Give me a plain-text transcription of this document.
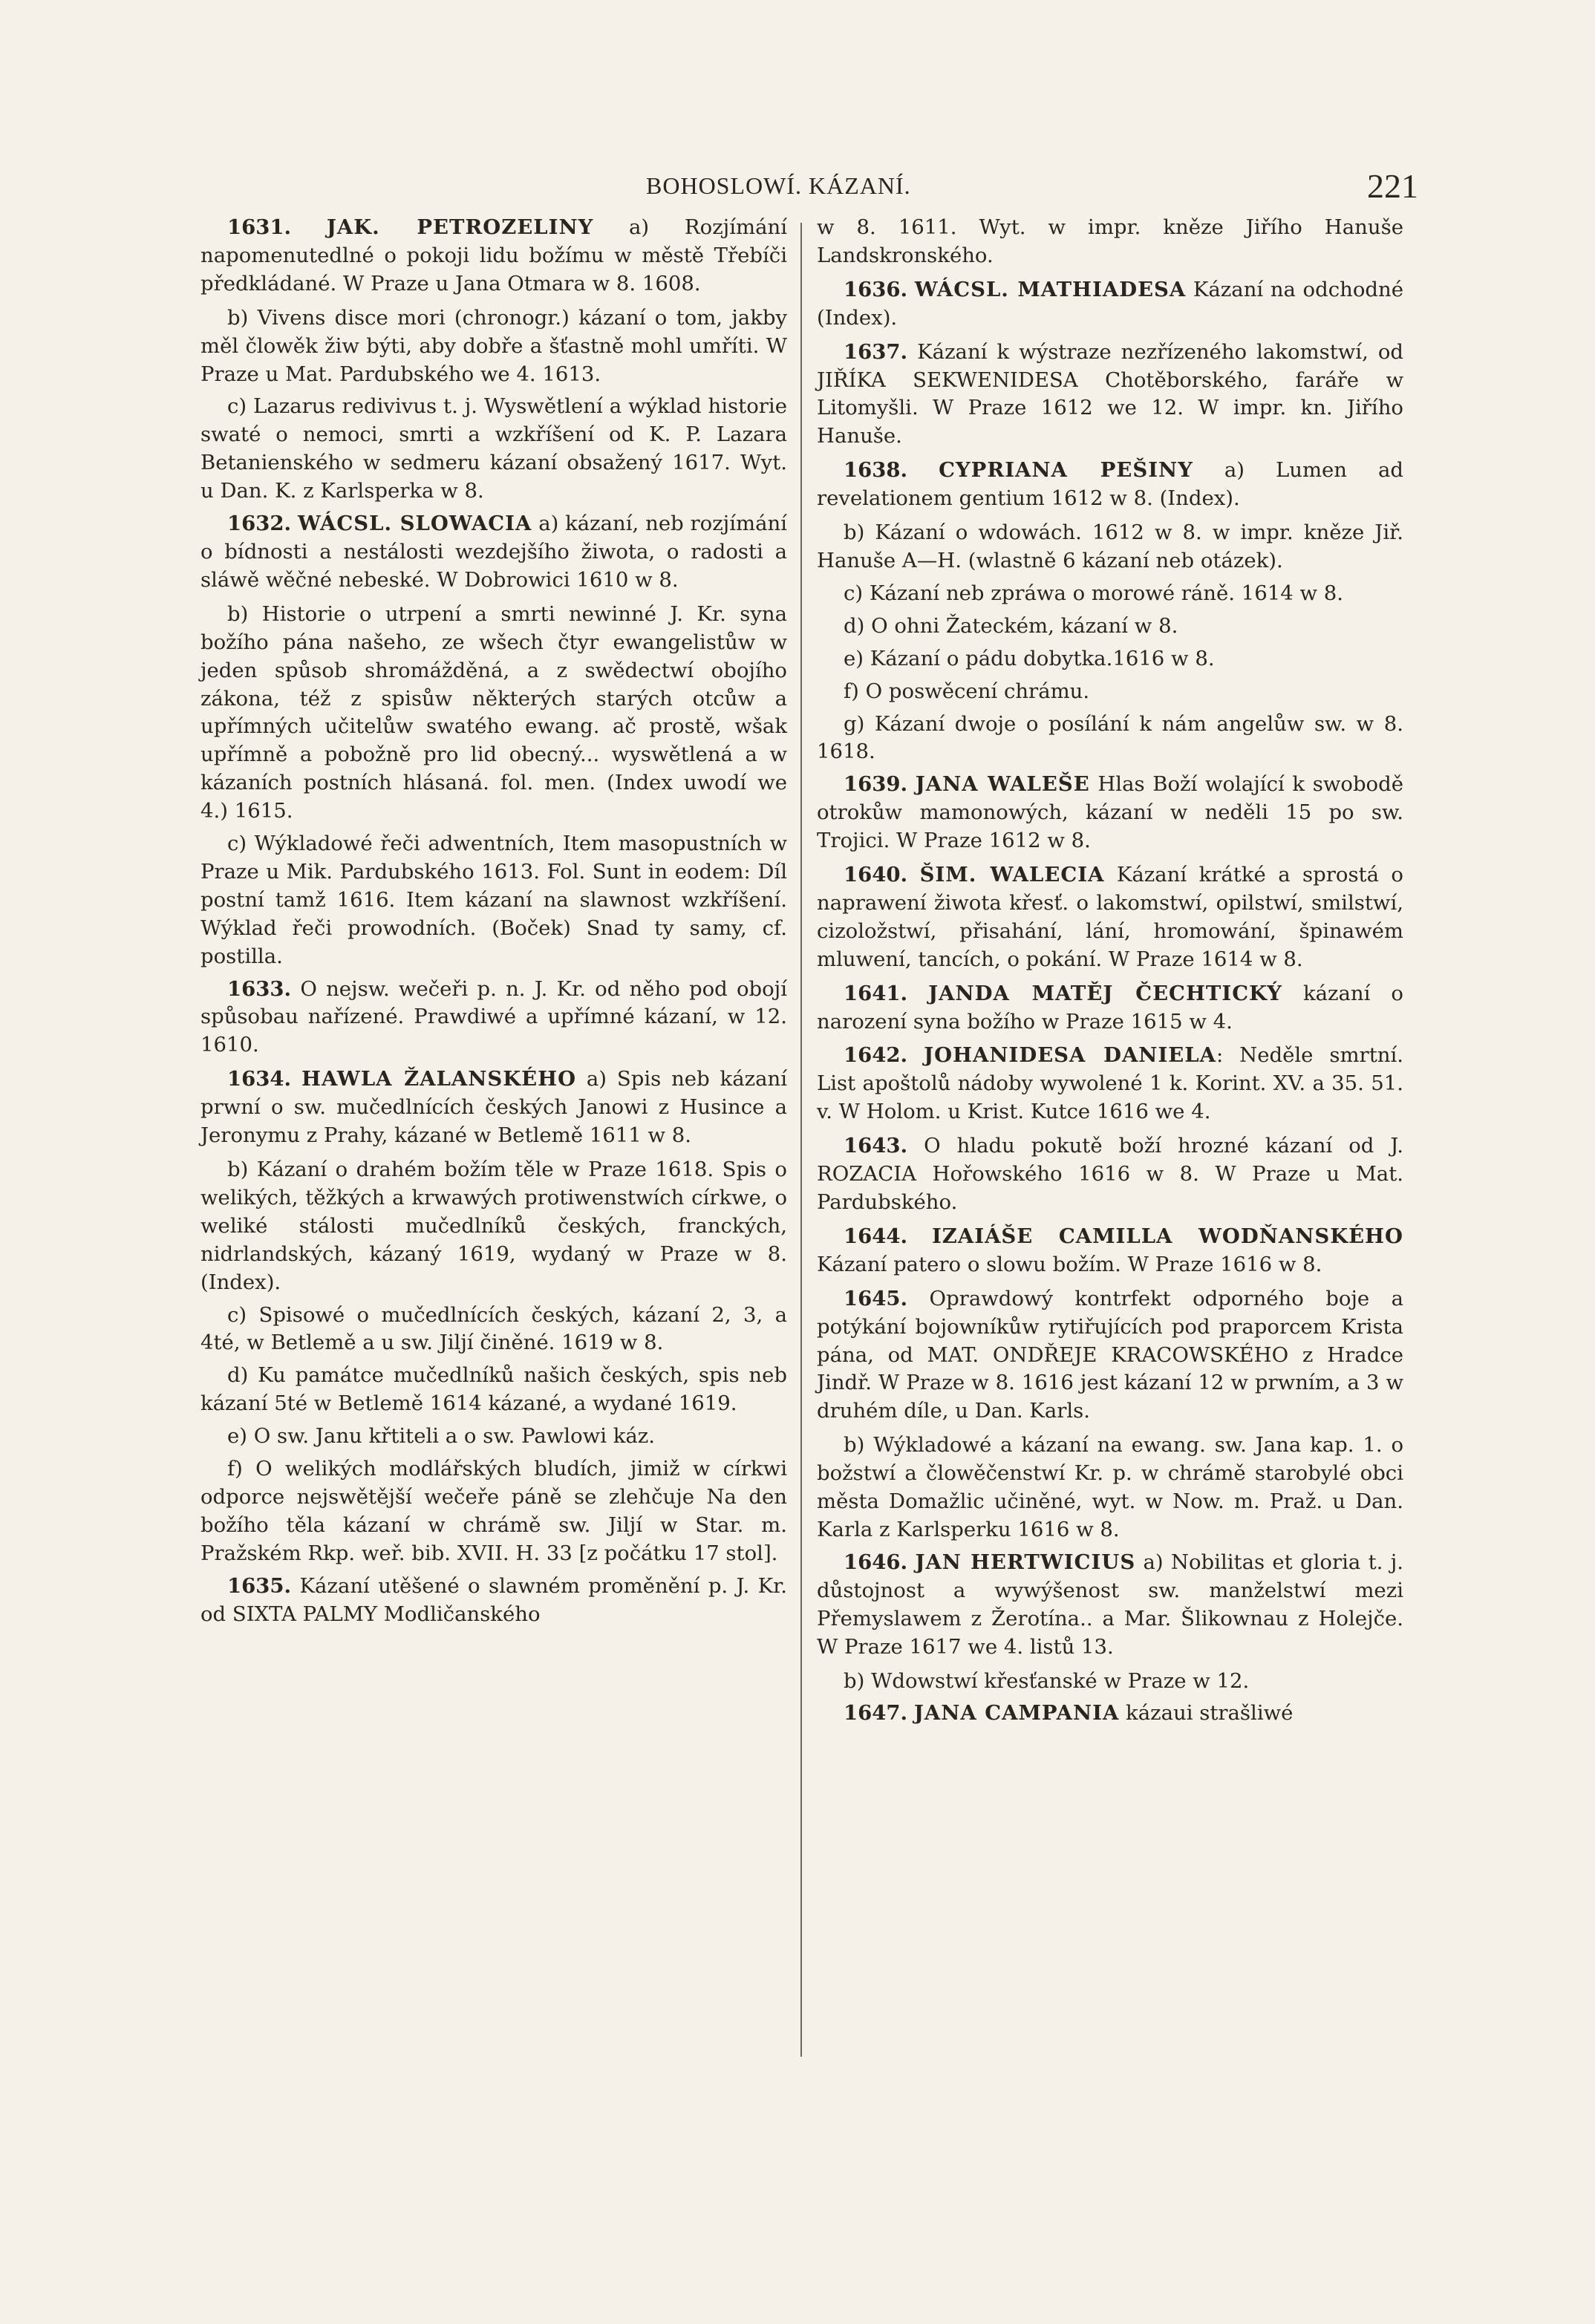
BOHOSLOWÍ. KÁZANÍ.	221

1631. JAK. PETROZELINY a) Rozjímání napomenutedlné o pokoji lidu božímu w městě Třebíči předkládané. W Praze u Jana Otmara w 8. 1608.

b) Vivens disce mori (chronogr.) kázaní o tom, jakby měl člowěk žiw býti, aby dobře a šťastně mohl umříti. W Praze u Mat. Pardubského we 4. 1613.

c) Lazarus redivivus t. j. Wyswětlení a wýklad historie swaté o nemoci, smrti a wzkříšení od K. P. Lazara Betanienského w sedmeru kázaní obsažený 1617. Wyt. u Dan. K. z Karlsperka w 8.

1632. WÁCSL. SLOWACIA a) kázaní, neb rozjímání o bídnosti a nestálosti wezdejšího žiwota, o radosti a sláwě wěčné nebeské. W Dobrowici 1610 w 8.

b) Historie o utrpení a smrti newinné J. Kr. syna božího pána našeho, ze wšech čtyr ewangelistůw w jeden spůsob shromážděná, a z swědectwí obojího zákona, též z spisůw některých starých otcůw a upřímných učitelůw swatého ewang. ač prostě, wšak upřímně a pobožně pro lid obecný... wyswětlená a w kázaních postních hlásaná. fol. men. (Index uwodí we 4.) 1615.

c) Wýkladowé řeči adwentních, Item masopustních w Praze u Mik. Pardubského 1613. Fol. Sunt in eodem: Díl postní tamž 1616. Item kázaní na slawnost wzkříšení. Wýklad řeči prowodních. (Boček) Snad ty samy, cf. postilla.

1633. O nejsw. wečeři p. n. J. Kr. od něho pod obojí spůsobau nařízené. Prawdiwé a upřímné kázaní, w 12. 1610.

1634. HAWLA ŽALANSKÉHO a) Spis neb kázaní prwní o sw. mučedlnících českých Janowi z Husince a Jeronymu z Prahy, kázané w Betlemě 1611 w 8.

b) Kázaní o drahém božím těle w Praze 1618. Spis o welikých, těžkých a krwawých protiwenstwích církwe, o weliké stálosti mučedlníků českých, franckých, nidrlandských, kázaný 1619, wydaný w Praze w 8. (Index).

c) Spisowé o mučedlnících českých, kázaní 2, 3, a 4té, w Betlemě a u sw. Jiljí činěné. 1619 w 8.

d) Ku památce mučedlníků našich českých, spis neb kázaní 5té w Betlemě 1614 kázané, a wydané 1619.

e) O sw. Janu křtiteli a o sw. Pawlowi káz.

f) O welikých modlářských bludích, jimiž w církwi odporce nejswětější wečeře páně se zlehčuje Na den božího těla kázaní w chrámě sw. Jiljí w Star. m. Pražském Rkp. weř. bib. XVII. H. 33 [z počátku 17 stol].

1635. Kázaní utěšené o slawném proměnění p. J. Kr. od SIXTA PALMY Modličanského

w 8. 1611. Wyt. w impr. kněze Jiřího Hanuše Landskronského.

1636. WÁCSL. MATHIADESA Kázaní na odchodné (Index).

1637. Kázaní k wýstraze nezřízeného lakomstwí, od JIŘÍKA SEKWENIDESA Chotěborského, faráře w Litomyšli. W Praze 1612 we 12. W impr. kn. Jiřího Hanuše.

1638. CYPRIANA PEŠINY a) Lumen ad revelationem gentium 1612 w 8. (Index).

b) Kázaní o wdowách. 1612 w 8. w impr. kněze Jiř. Hanuše A—H. (wlastně 6 kázaní neb otázek).

c) Kázaní neb zpráwa o morowé ráně. 1614 w 8.

d) O ohni Žateckém, kázaní w 8.

e) Kázaní o pádu dobytka.1616 w 8.

f) O poswěcení chrámu.

g) Kázaní dwoje o posílání k nám angelůw sw. w 8. 1618.

1639. JANA WALEŠE Hlas Boží wolající k swobodě otrokůw mamonowých, kázaní w neděli 15 po sw. Trojici. W Praze 1612 w 8.

1640. ŠIM. WALECIA Kázaní krátké a sprostá o naprawení žiwota křesť. o lakomstwí, opilstwí, smilstwí, cizoložstwí, přisahání, lání, hromowání, špinawém mluwení, tancích, o pokání. W Praze 1614 w 8.

1641. JANDA MATĚJ ČECHTICKÝ kázaní o narození syna božího w Praze 1615 w 4.

1642. JOHANIDESA DANIELA: Neděle smrtní. List apoštolů nádoby wywolené 1 k. Korint. XV. a 35. 51. v. W Holom. u Krist. Kutce 1616 we 4.

1643. O hladu pokutě boží hrozné kázaní od J. ROZACIA Hořowského 1616 w 8. W Praze u Mat. Pardubského.

1644. IZAIÁŠE CAMILLA WODŇANSKÉHO Kázaní patero o slowu božím. W Praze 1616 w 8.

1645. Oprawdowý kontrfekt odporného boje a potýkání bojowníkůw rytiřujících pod praporcem Krista pána, od MAT. ONDŘEJE KRACOWSKÉHO z Hradce Jindř. W Praze w 8. 1616 jest kázaní 12 w prwním, a 3 w druhém díle, u Dan. Karls.

b) Wýkladowé a kázaní na ewang. sw. Jana kap. 1. o božstwí a člowěčenstwí Kr. p. w chrámě starobylé obci města Domažlic učiněné, wyt. w Now. m. Praž. u Dan. Karla z Karlsperku 1616 w 8.

1646. JAN HERTWICIUS a) Nobilitas et gloria t. j. důstojnost a wywýšenost sw. manželstwí mezi Přemyslawem z Žerotína.. a Mar. Šlikownau z Holejče. W Praze 1617 we 4. listů 13.

b) Wdowstwí křesťanské w Praze w 12.

1647. JANA CAMPANIA kázaui strašliwé
